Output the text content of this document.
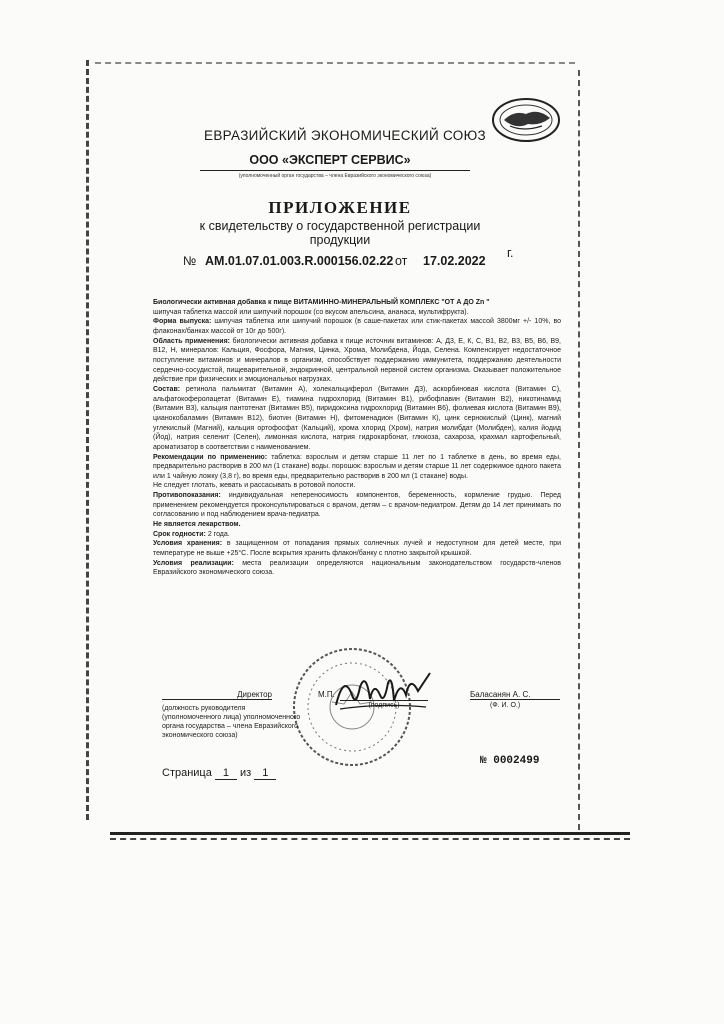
ЕВРАЗИЙСКИЙ ЭКОНОМИЧЕСКИЙ СОЮЗ
ООО «ЭКСПЕРТ СЕРВИС»
(уполномоченный орган государства – члена Евразийского экономического союза)
ПРИЛОЖЕНИЕ
к свидетельству о государственной регистрации продукции
№ AM.01.07.01.003.R.000156.02.22 от 17.02.2022
г.

Биологически активная добавка к пище ВИТАМИННО-МИНЕРАЛЬНЫЙ КОМПЛЕКС "ОТ А ДО Zn "
шипучая таблетка массой или шипучий порошок (со вкусом апельсина, ананаса, мультифрукта).

Форма выпуска: шипучая таблетка или шипучий порошок (в саше-пакетах или стик-пакетах массой 3800мг +/- 10%, во флаконах/банках массой от 10г до 500г).

Область применения: биологически активная добавка к пище источник витаминов: А, Д3, Е, К, С, В1, В2, В3, В5, В6, В9, В12, Н, минералов: Кальция, Фосфора, Магния, Цинка, Хрома, Молибдена, Йода, Селена. Компенсирует недостаточное поступление витаминов и минералов в организм, способствует поддержанию иммунитета, поддержанию деятельности сердечно-сосудистой, пищеварительной, эндокринной, центральной нервной систем организма. Оказывает положительное действие при физических и эмоциональных нагрузках.

Состав: ретинола пальмитат (Витамин А), холекальциферол (Витамин Д3), аскорбиновая кислота (Витамин С), альфатокоферолацетат (Витамин Е), тиамина гидрохлорид (Витамин В1), рибофлавин (Витамин В2), никотинамид (Витамин В3), кальция пантотенат (Витамин В5), пиридоксина гидрохлорид (Витамин В6), фолиевая кислота (Витамин В9), цианокобаламин (Витамин В12), биотин (Витамин Н), фитоменадион (Витамин К), цинк сернокислый (Цинк), магний углекислый (Магний), кальция ортофосфат (Кальций), хрома хлорид (Хром), натрия молибдат (Молибден), калия йодид (Йод), натрия селенит (Селен), лимонная кислота, натрия гидрокарбонат, глюкоза, сахароза, крахмал картофельный, ароматизатор в соответствии с наименованием.

Рекомендации по применению: таблетка: взрослым и детям старше 11 лет по 1 таблетке в день, во время еды, предварительно растворив в 200 мл (1 стакане) воды. порошок: взрослым и детям старше 11 лет содержимое одного пакета или 1 чайную ложку (3,8 г), во время еды, предварительно растворив в 200 мл (1 стакане) воды.

Не следует глотать, жевать и рассасывать в ротовой полости.

Противопоказания: индивидуальная непереносимость компонентов, беременность, кормление грудью. Перед применением рекомендуется проконсультироваться с врачом, детям – с врачом-педиатром. Детям до 14 лет принимать по согласованию и под наблюдением врача-педиатра.

Не является лекарством.

Срок годности: 2 года.

Условия хранения: в защищенном от попадания прямых солнечных лучей и недоступном для детей месте, при температуре не выше +25°С. После вскрытия хранить флакон/банку с плотно закрытой крышкой.

Условия реализации: места реализации определяются национальным законодательством государств-членов Евразийского экономического союза.

Директор	М.П.
(подпись)
Баласанян А. С.
(Ф. И. О.)
(должность руководителя
(уполномоченного лица) уполномоченного
органа государства – члена Евразийского
экономического союза)
Страница 1 из 1
№ 0002499
